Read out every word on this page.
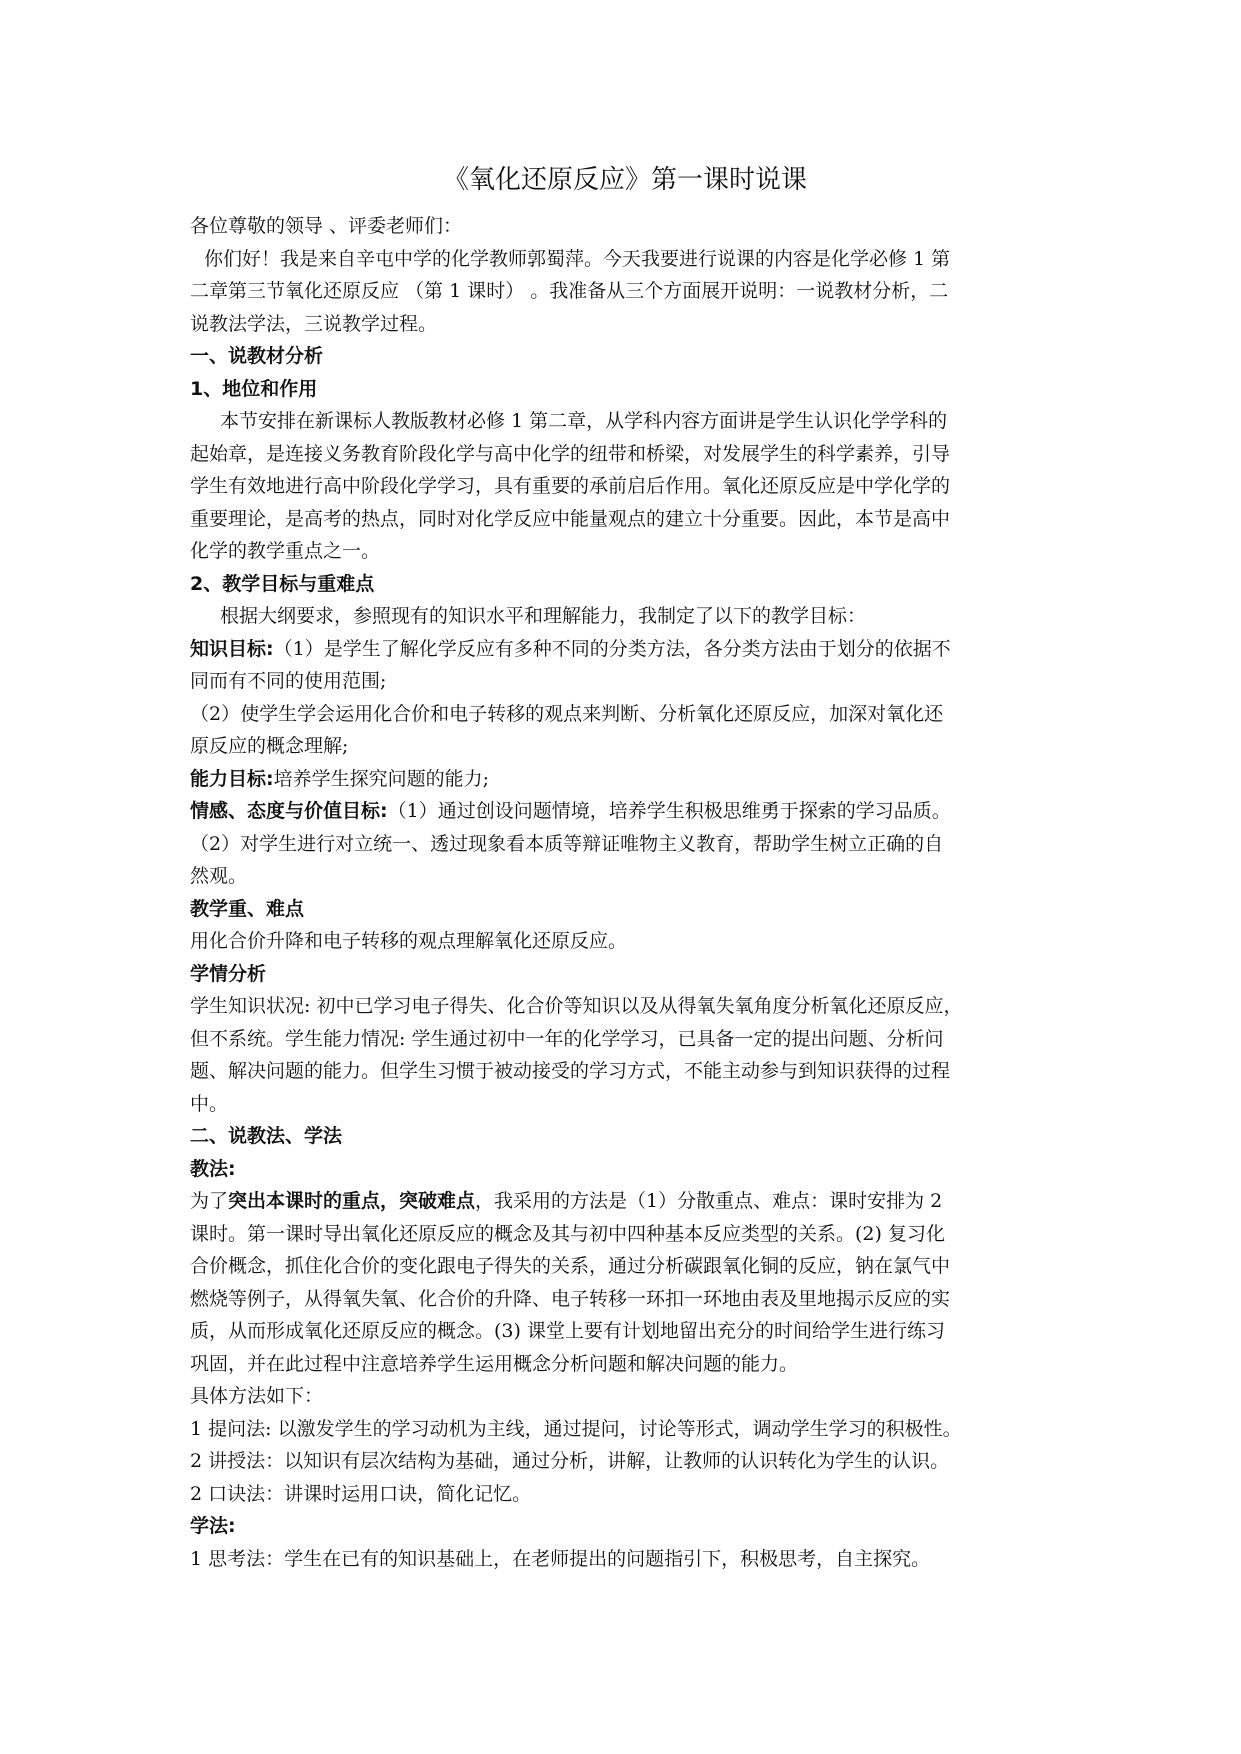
《氧化还原反应》第一课时说课

各位尊敬的领导 、评委老师们：

你们好！我是来自辛屯中学的化学教师郭蜀萍。今天我要进行说课的内容是化学必修 1 第

二章第三节氧化还原反应 （第 1 课时） 。我准备从三个方面展开说明：一说教材分析，二

说教法学法，三说教学过程。

一、说教材分析

1、地位和作用

本节安排在新课标人教版教材必修 1 第二章，从学科内容方面讲是学生认识化学学科的

起始章，是连接义务教育阶段化学与高中化学的纽带和桥梁，对发展学生的科学素养，引导

学生有效地进行高中阶段化学学习，具有重要的承前启后作用。氧化还原反应是中学化学的

重要理论，是高考的热点，同时对化学反应中能量观点的建立十分重要。因此，本节是高中

化学的教学重点之一。

2、教学目标与重难点

根据大纲要求，参照现有的知识水平和理解能力，我制定了以下的教学目标：

知识目标:（1）是学生了解化学反应有多种不同的分类方法，各分类方法由于划分的依据不

同而有不同的使用范围;

（2）使学生学会运用化合价和电子转移的观点来判断、分析氧化还原反应，加深对氧化还

原反应的概念理解;

能力目标:培养学生探究问题的能力;

情感、态度与价值目标:（1）通过创设问题情境，培养学生积极思维勇于探索的学习品质。

（2）对学生进行对立统一、透过现象看本质等辩证唯物主义教育，帮助学生树立正确的自

然观。

教学重、难点

用化合价升降和电子转移的观点理解氧化还原反应。

学情分析

学生知识状况: 初中已学习电子得失、化合价等知识以及从得氧失氧角度分析氧化还原反应，

但不系统。学生能力情况: 学生通过初中一年的化学学习，已具备一定的提出问题、分析问

题、解决问题的能力。但学生习惯于被动接受的学习方式，不能主动参与到知识获得的过程

中。

二、说教法、学法

教法:

为了突出本课时的重点，突破难点，我采用的方法是（1）分散重点、难点：课时安排为 2

课时。第一课时导出氧化还原反应的概念及其与初中四种基本反应类型的关系。(2) 复习化

合价概念，抓住化合价的变化跟电子得失的关系，通过分析碳跟氧化铜的反应，钠在氯气中

燃烧等例子，从得氧失氧、化合价的升降、电子转移一环扣一环地由表及里地揭示反应的实

质，从而形成氧化还原反应的概念。(3) 课堂上要有计划地留出充分的时间给学生进行练习

巩固，并在此过程中注意培养学生运用概念分析问题和解决问题的能力。

具体方法如下：

1 提问法: 以激发学生的学习动机为主线，通过提问，讨论等形式，调动学生学习的积极性。

2 讲授法：以知识有层次结构为基础，通过分析，讲解，让教师的认识转化为学生的认识。

2 口诀法：讲课时运用口诀，简化记忆。

学法:

1 思考法：学生在已有的知识基础上，在老师提出的问题指引下，积极思考，自主探究。
